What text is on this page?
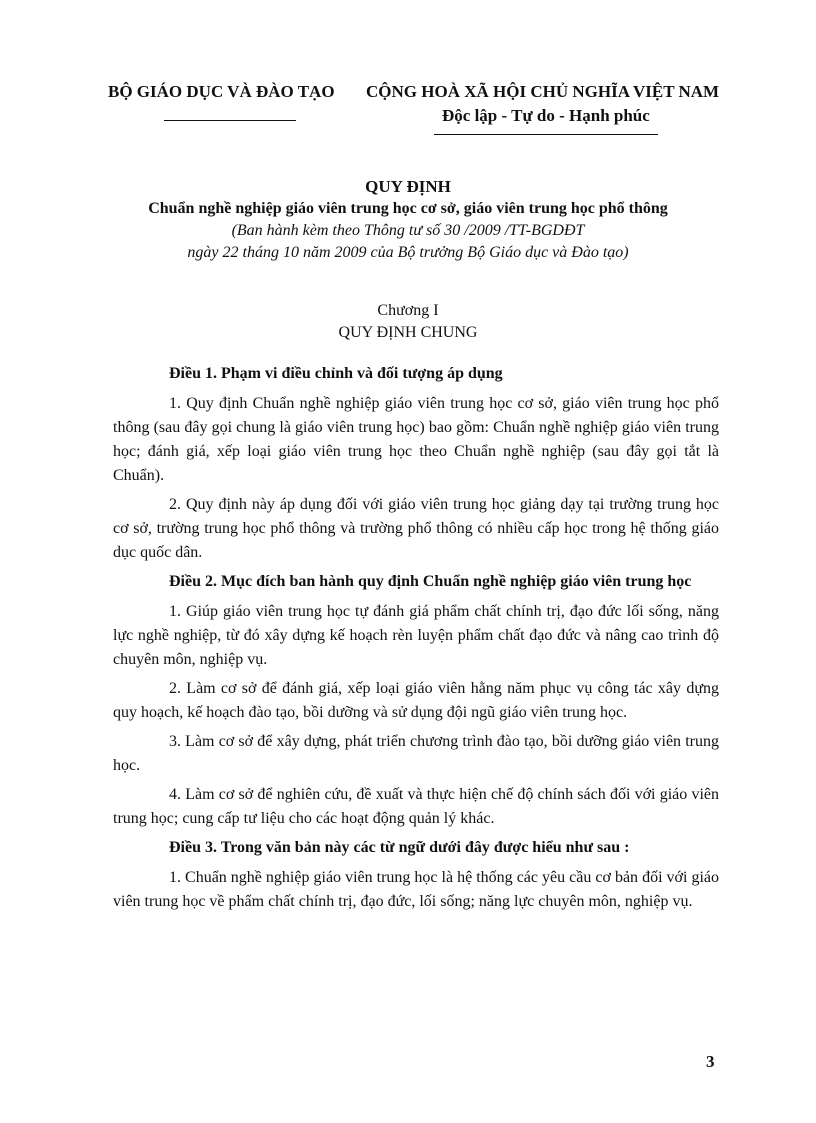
BỘ GIÁO DỤC VÀ ĐÀO TẠO	CỘNG HOÀ XÃ HỘI CHỦ NGHĨA VIỆT NAM
Độc lập - Tự do - Hạnh phúc
QUY ĐỊNH
Chuẩn nghề nghiệp giáo viên trung học cơ sở, giáo viên trung học phổ thông
(Ban hành kèm theo Thông tư số 30 /2009 /TT-BGDĐT
ngày 22 tháng 10 năm 2009 của Bộ trưởng Bộ Giáo dục và Đào tạo)
Chương I
QUY ĐỊNH CHUNG

Điều 1. Phạm vi điều chỉnh và đối tượng áp dụng

1. Quy định Chuẩn nghề nghiệp giáo viên trung học cơ sở, giáo viên trung học phổ thông (sau đây gọi chung là giáo viên trung học) bao gồm: Chuẩn nghề nghiệp giáo viên trung học; đánh giá, xếp loại giáo viên trung học theo Chuẩn nghề nghiệp (sau đây gọi tắt là Chuẩn).

2. Quy định này áp dụng đối với giáo viên trung học giảng dạy tại trường trung học cơ sở, trường trung học phổ thông và trường phổ thông có nhiều cấp học trong hệ thống giáo dục quốc dân.

Điều 2. Mục đích ban hành quy định Chuẩn nghề nghiệp giáo viên trung học

1. Giúp giáo viên trung học tự đánh giá phẩm chất chính trị, đạo đức lối sống, năng lực nghề nghiệp, từ đó xây dựng kế hoạch rèn luyện phẩm chất đạo đức và nâng cao trình độ chuyên môn, nghiệp vụ.

2. Làm cơ sở để đánh giá, xếp loại giáo viên hằng năm phục vụ công tác xây dựng quy hoạch, kế hoạch đào tạo, bồi dưỡng và sử dụng đội ngũ giáo viên trung học.

3. Làm cơ sở để xây dựng, phát triển chương trình đào tạo, bồi dưỡng giáo viên trung học.

4. Làm cơ sở để nghiên cứu, đề xuất và thực hiện chế độ chính sách đối với giáo viên trung học; cung cấp tư liệu cho các hoạt động quản lý khác.

Điều 3. Trong văn bản này các từ ngữ dưới đây được hiểu như sau :

1. Chuẩn nghề nghiệp giáo viên trung học là hệ thống các yêu cầu cơ bản đối với giáo viên trung học về phẩm chất chính trị, đạo đức, lối sống; năng lực chuyên môn, nghiệp vụ.

3
